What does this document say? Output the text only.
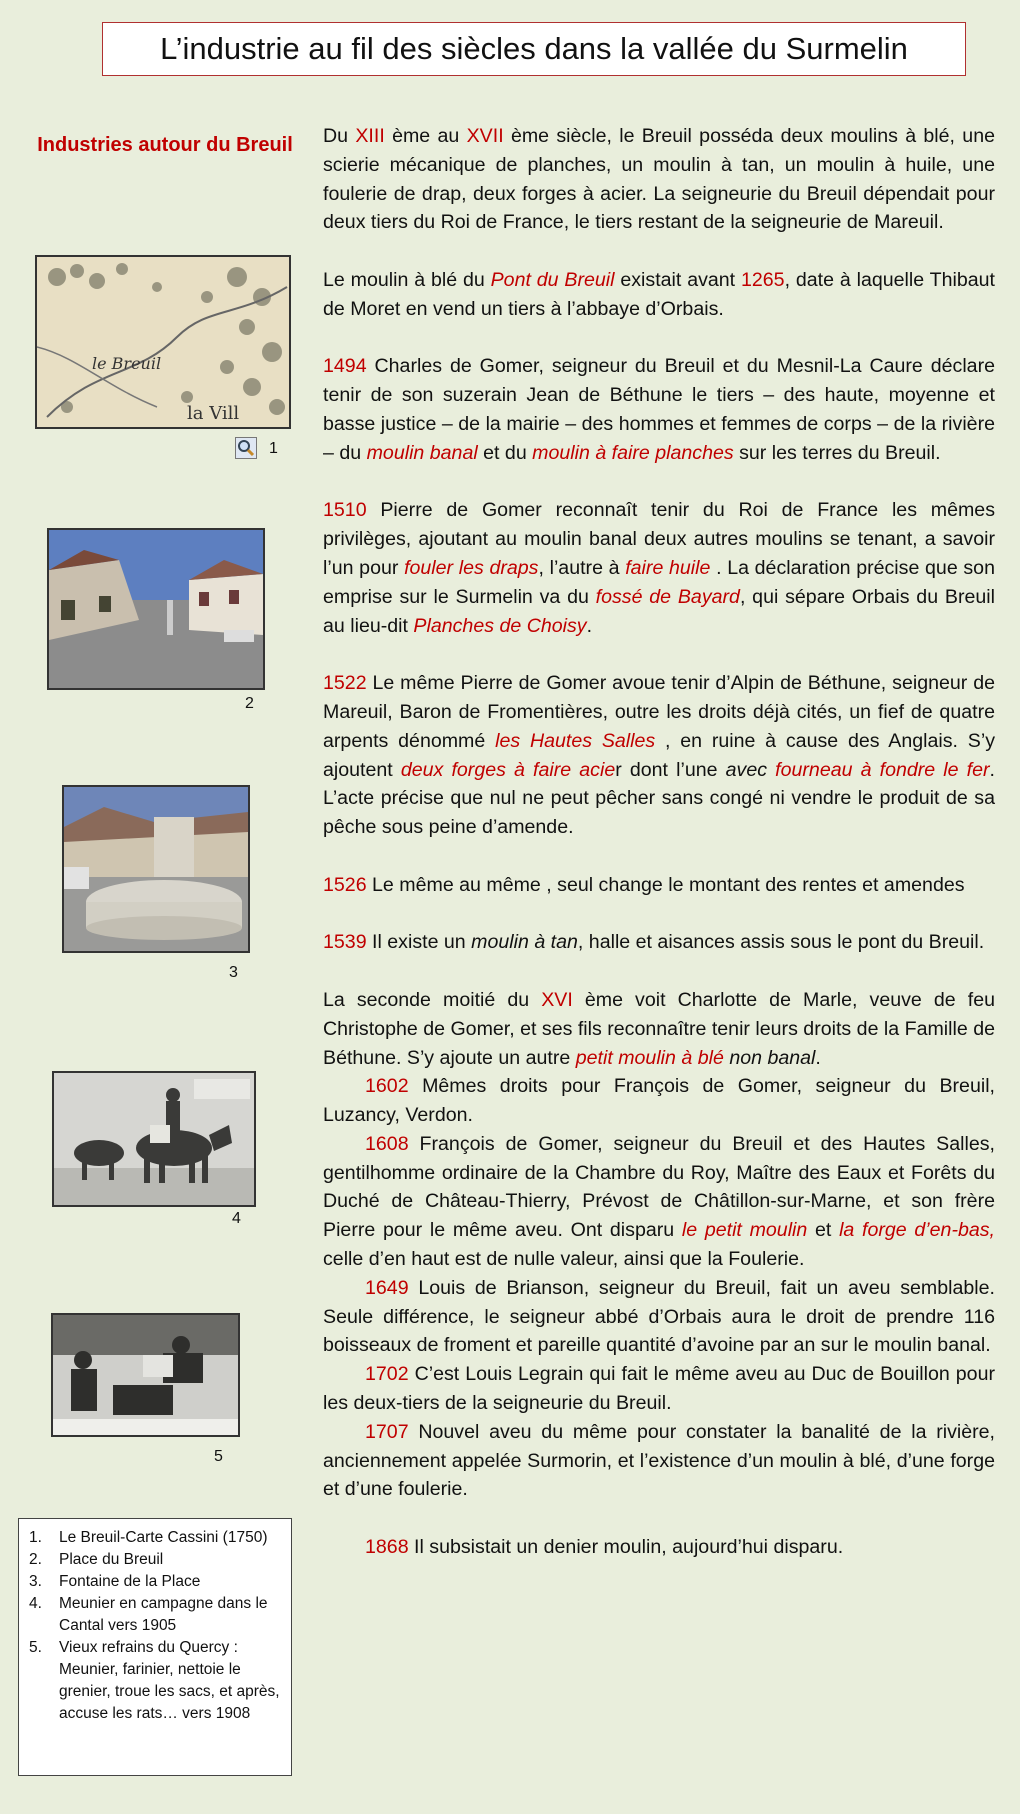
L’industrie au fil des siècles dans la vallée du Surmelin
Industries autour du Breuil
le Breuil
la Vill
1
2
3
4
5
1.	Le Breuil-Carte Cassini (1750)
2.	Place du Breuil
3.	Fontaine de la Place
4.	Meunier en campagne dans le Cantal vers 1905
5.	Vieux refrains du Quercy : Meunier, farinier, nettoie le grenier, troue les sacs, et après, accuse les rats… vers 1908

Du XIII ème au XVII ème siècle, le Breuil posséda deux moulins à blé, une scierie mécanique de planches, un moulin à tan, un moulin à huile, une foulerie de drap, deux forges à acier. La seigneurie du Breuil dépendait pour deux tiers du Roi de France, le tiers restant de la seigneurie de Mareuil.

Le moulin à blé du Pont du Breuil existait avant 1265, date à laquelle Thibaut de Moret en vend un tiers à l’abbaye d’Orbais.

1494 Charles de Gomer, seigneur du Breuil et du Mesnil-La Caure déclare tenir de son suzerain Jean de Béthune le tiers – des haute, moyenne et basse justice – de la mairie – des hommes et femmes de corps – de la rivière – du moulin banal et du moulin à faire planches sur les terres du Breuil.

1510 Pierre de Gomer reconnaît tenir du Roi de France les mêmes privilèges, ajoutant au moulin banal deux autres moulins se tenant, a savoir l’un pour fouler les draps, l’autre à faire huile . La déclaration précise que son emprise sur le Surmelin va du fossé de Bayard, qui sépare Orbais du Breuil au lieu-dit Planches de Choisy.

1522 Le même Pierre de Gomer avoue tenir d’Alpin de Béthune, seigneur de Mareuil, Baron de Fromentières, outre les droits déjà cités, un fief de quatre arpents dénommé les Hautes Salles , en ruine à cause des Anglais. S’y ajoutent deux forges à faire acier dont l’une avec fourneau à fondre le fer. L’acte précise que nul ne peut pêcher sans congé ni vendre le produit de sa pêche sous peine d’amende.

1526 Le même au même , seul change le montant des rentes et amendes

1539 Il existe un moulin à tan, halle et aisances assis sous le pont du Breuil.

La seconde moitié du XVI ème voit Charlotte de Marle, veuve de feu Christophe de Gomer, et ses fils reconnaître tenir leurs droits de la Famille de Béthune. S’y ajoute un autre petit moulin à blé non banal.

1602 Mêmes droits pour François de Gomer, seigneur du Breuil, Luzancy, Verdon.

1608 François de Gomer, seigneur du Breuil et des Hautes Salles, gentilhomme ordinaire de la Chambre du Roy, Maître des Eaux et Forêts du Duché de Château-Thierry, Prévost de Châtillon-sur-Marne, et son frère Pierre pour le même aveu. Ont disparu le petit moulin et la forge d’en-bas, celle d’en haut est de nulle valeur, ainsi que la Foulerie.

1649 Louis de Brianson, seigneur du Breuil, fait un aveu semblable. Seule différence, le seigneur abbé d’Orbais aura le droit de prendre 116 boisseaux de froment et pareille quantité d’avoine par an sur le moulin banal.

1702 C’est Louis Legrain qui fait le même aveu au Duc de Bouillon pour les deux-tiers de la seigneurie du Breuil.

1707 Nouvel aveu du même pour constater la banalité de la rivière, anciennement appelée Surmorin, et l’existence d’un moulin à blé, d’une forge et d’une foulerie.

1868 Il subsistait un denier moulin, aujourd’hui disparu.
